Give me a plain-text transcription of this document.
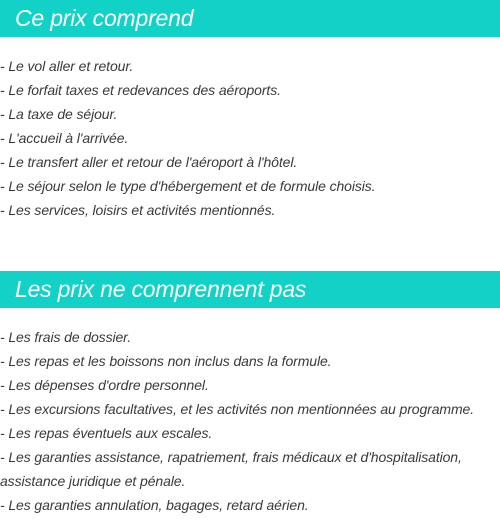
Ce prix comprend
- Le vol aller et retour.
- Le forfait taxes et redevances des aéroports.
- La taxe de séjour.
- L'accueil à l'arrivée.
- Le transfert aller et retour de l'aéroport à l'hôtel.
- Le séjour selon le type d'hébergement et de formule choisis.
- Les services, loisirs et activités mentionnés.
Les prix ne comprennent pas
- Les frais de dossier.
- Les repas et les boissons non inclus dans la formule.
- Les dépenses d'ordre personnel.
- Les excursions facultatives, et les activités non mentionnées au programme.
- Les repas éventuels aux escales.
- Les garanties assistance, rapatriement, frais médicaux et d'hospitalisation, assistance juridique et pénale.
- Les garanties annulation, bagages, retard aérien.
